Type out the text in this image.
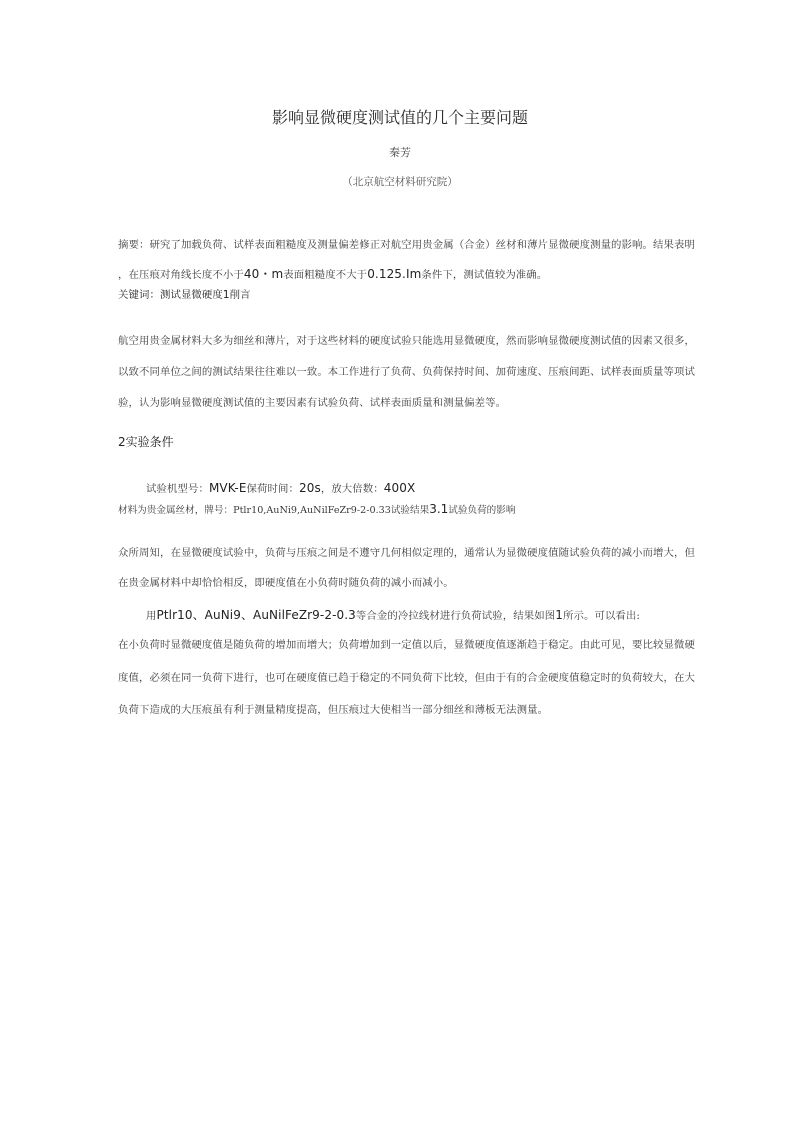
影响显微硬度测试值的几个主要问题
秦芳
（北京航空材料研究院）
摘要：研究了加载负荷、试样表面粗糙度及测量偏差修正对航空用贵金属（合金）丝材和薄片显微硬度测量的影响。结果表明
，在压痕对角线长度不小于40・m表面粗糙度不大于0.125.Im条件下，测试值较为准确。
关键词：测试显微硬度1削言
航空用贵金属材料大多为细丝和薄片，对于这些材料的硬度试验只能选用显微硬度，然而影响显微硬度测试值的因素又很多，
以致不同单位之间的测试结果往往难以一致。本工作进行了负荷、负荷保持时间、加荷速度、压痕间距、试样表面质量等项试
验，认为影响显微硬度测试值的主要因素有试验负荷、试样表面质量和测量偏差等。
2实验条件
试验机型号：MVK-E保荷时间：20s，放大倍数：400X
材料为贵金属丝材，牌号：Ptlr10,AuNi9,AuNilFeZr9-2-0.33试验结果3.1试验负荷的影响
众所周知，在显微硬度试验中，负荷与压痕之间是不遵守几何相似定理的，通常认为显微硬度值随试验负荷的减小而增大，但
在贵金属材料中却恰恰相反，即硬度值在小负荷时随负荷的减小而减小。
用Ptlr10、AuNi9、AuNilFeZr9-2-0.3等合金的冷拉线材进行负荷试验，结果如图1所示。可以看出:
在小负荷时显微硬度值是随负荷的增加而增大；负荷增加到一定值以后，显微硬度值逐渐趋于稳定。由此可见，要比较显微硬
度值，必须在同一负荷下进行，也可在硬度值已趋于稳定的不同负荷下比较，但由于有的合金硬度值稳定时的负荷较大，在大
负荷下造成的大压痕虽有利于测量精度提高，但压痕过大使相当一部分细丝和薄板无法测量。
